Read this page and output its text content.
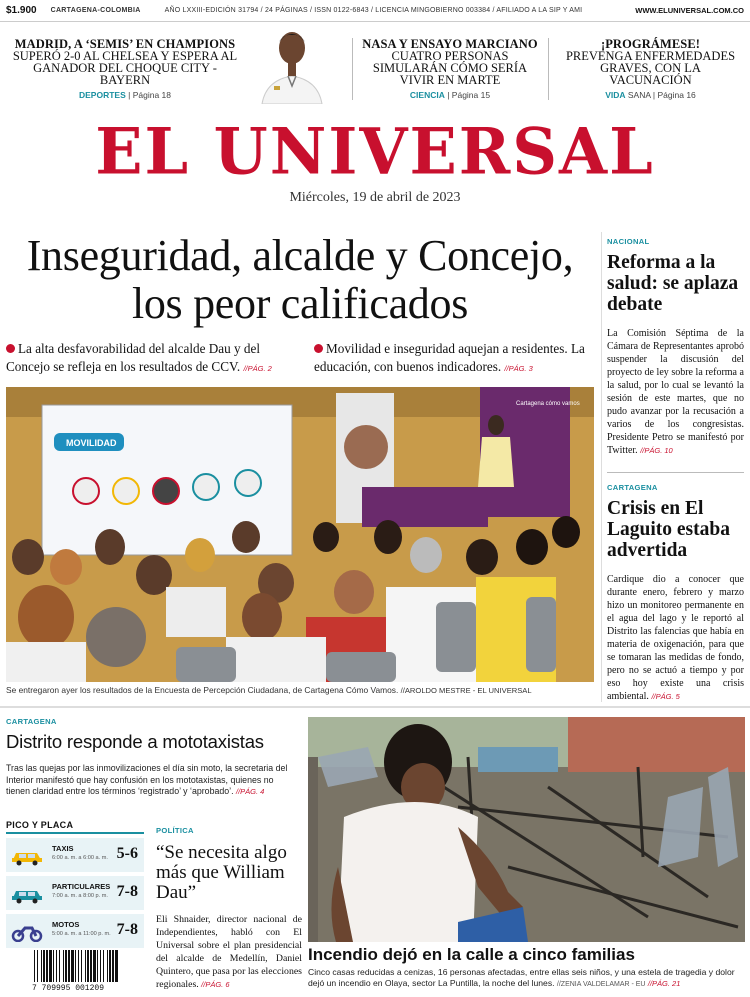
$1.900 CARTAGENA-COLOMBIA	AÑO LXXIII-EDICIÓN 31794 / 24 PÁGINAS / ISSN 0122-6843 / LICENCIA MINGOBIERNO 003384 / AFILIADO A LA SIP Y AMI	WWW.ELUNIVERSAL.COM.CO
MADRID, A ‘SEMIS’ EN CHAMPIONS

SUPERÓ 2-0 AL CHELSEA Y ESPERA AL GANADOR DEL CHOQUE CITY - BAYERN

DEPORTES | Página 18
NASA Y ENSAYO MARCIANO

CUATRO PERSONAS SIMULARÁN CÓMO SERÍA VIVIR EN MARTE

CIENCIA | Página 15
¡PROGRÁMESE!

PREVENGA ENFERMEDADES GRAVES, CON LA VACUNACIÓN

VIDA SANA | Página 16
EL UNIVERSAL
Miércoles, 19 de abril de 2023
Inseguridad, alcalde y Concejo, los peor calificados
La alta desfavorabilidad del alcalde Dau y del Concejo se refleja en los resultados de CCV. //PÁG. 2
Movilidad e inseguridad aquejan a residentes. La educación, con buenos indicadores. //PÁG. 3
MOVILIDAD
Cartagena cómo vamos
Se entregaron ayer los resultados de la Encuesta de Percepción Ciudadana, de Cartagena Cómo Vamos. //AROLDO MESTRE - EL UNIVERSAL
NACIONAL
Reforma a la salud: se aplaza debate
La Comisión Séptima de la Cámara de Representantes aprobó suspender la discusión del proyecto de ley sobre la reforma a la salud, por lo cual se levantó la sesión de este martes, que no pudo avanzar por la recusación a varios de los congresistas. Presidente Petro se manifestó por Twitter. //PÁG. 10
CARTAGENA
Crisis en El Laguito estaba advertida
Cardique dio a conocer que durante enero, febrero y marzo hizo un monitoreo permanente en el agua del lago y le reportó al Distrito las falencias que había en materia de oxigenación, para que se tomaran las medidas de fondo, pero no se actuó a tiempo y por eso hoy existe una crisis ambiental. //PÁG. 5
CARTAGENA
Distrito responde a mototaxistas
Tras las quejas por las inmovilizaciones el día sin moto, la secretaria del Interior manifestó que hay confusión en los mototaxistas, quienes no tienen claridad entre los términos ‘registrado’ y ‘aprobado’. //PÁG. 4
PICO Y PLACA
TAXIS
6:00 a. m. a 6:00 a. m. 5-6
PARTICULARES
7:00 a. m. a 8:00 p. m. 7-8
MOTOS
5:00 a. m. a 11:00 p. m. 7-8
7 709995 001209
POLÍTICA
“Se necesita algo más que William Dau”
Eli Shnaider, director nacional de Independientes, habló con El Universal sobre el plan presidencial del alcalde de Medellín, Daniel Quintero, que pasa por las elecciones regionales. //PÁG. 6
Incendio dejó en la calle a cinco familias
Cinco casas reducidas a cenizas, 16 personas afectadas, entre ellas seis niños, y una estela de tragedia y dolor dejó un incendio en Olaya, sector La Puntilla, la noche del lunes. //ZENIA VALDELAMAR - EU //PÁG. 21
